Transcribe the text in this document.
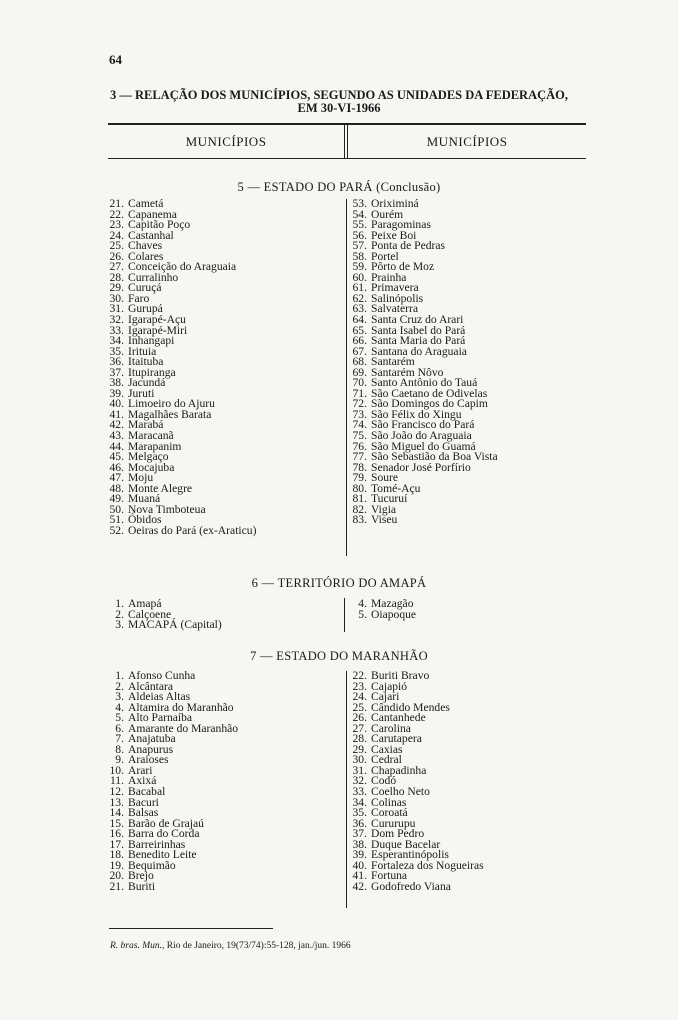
64
3 — RELAÇÃO DOS MUNICÍPIOS, SEGUNDO AS UNIDADES DA FEDERAÇÃO,
EM 30-VI-1966
MUNICÍPIOS	MUNICÍPIOS
5 — ESTADO DO PARÁ (Conclusão)
21. Cametá
22. Capanema
23. Capitão Poço
24. Castanhal
25. Chaves
26. Colares
27. Conceição do Araguaia
28. Curralinho
29. Curuçá
30. Faro
31. Gurupá
32. Igarapé-Açu
33. Igarapé-Miri
34. Inhangapi
35. Irituia
36. Itaituba
37. Itupiranga
38. Jacundá
39. Juruti
40. Limoeiro do Ajuru
41. Magalhães Barata
42. Marabá
43. Maracanã
44. Marapanim
45. Melgaço
46. Mocajuba
47. Moju
48. Monte Alegre
49. Muaná
50. Nova Timboteua
51. Óbidos
52. Oeiras do Pará (ex-Araticu)
53. Oriximiná
54. Ourém
55. Paragominas
56. Peixe Boi
57. Ponta de Pedras
58. Portel
59. Pôrto de Moz
60. Prainha
61. Primavera
62. Salinópolis
63. Salvaterra
64. Santa Cruz do Arari
65. Santa Isabel do Pará
66. Santa Maria do Pará
67. Santana do Araguaia
68. Santarém
69. Santarém Nôvo
70. Santo Antônio do Tauá
71. São Caetano de Odivelas
72. São Domingos do Capim
73. São Félix do Xingu
74. São Francisco do Pará
75. São João do Araguaia
76. São Miguel do Guamá
77. São Sebastião da Boa Vista
78. Senador José Porfírio
79. Soure
80. Tomé-Açu
81. Tucuruí
82. Vigia
83. Viseu
6 — TERRITÓRIO DO AMAPÁ
1. Amapá
2. Calçoene
3. MACAPÁ (Capital)
4. Mazagão
5. Oiapoque
7 — ESTADO DO MARANHÃO
1. Afonso Cunha
2. Alcântara
3. Aldeias Altas
4. Altamira do Maranhão
5. Alto Parnaíba
6. Amarante do Maranhão
7. Anajatuba
8. Anapurus
9. Araioses
10. Arari
11. Axixá
12. Bacabal
13. Bacuri
14. Balsas
15. Barão de Grajaú
16. Barra do Corda
17. Barreirinhas
18. Benedito Leite
19. Bequimão
20. Brejo
21. Buriti
22. Buriti Bravo
23. Cajapió
24. Cajari
25. Cândido Mendes
26. Cantanhede
27. Carolina
28. Carutapera
29. Caxias
30. Cedral
31. Chapadinha
32. Codó
33. Coelho Neto
34. Colinas
35. Coroatá
36. Cururupu
37. Dom Pedro
38. Duque Bacelar
39. Esperantinópolis
40. Fortaleza dos Nogueiras
41. Fortuna
42. Godofredo Viana
R. bras. Mun., Rio de Janeiro, 19(73/74):55-128, jan./jun. 1966
